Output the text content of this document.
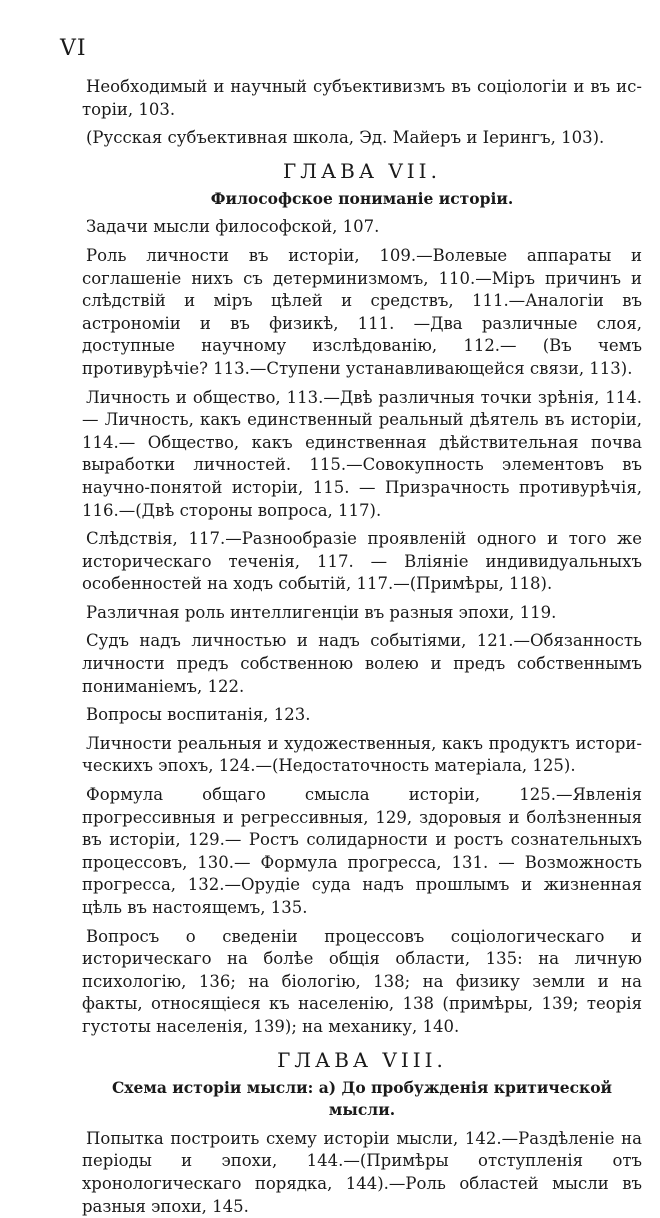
VI
Необходимый и научный субъективизмъ въ соціологіи и въ исторіи, 103.
(Русская субъективная школа, Эд. Майеръ и Іерингъ, 103).
ГЛАВА VII.
Философское пониманіе исторіи.
Задачи мысли философской, 107.
Роль личности въ исторіи, 109.—Волевые аппараты и соглашеніе нихъ съ детерминизмомъ, 110.—Міръ причинъ и слѣдствій и міръ цѣлей и средствъ, 111.—Аналогіи въ астрономіи и въ физикѣ, 111. —Два различные слоя, доступные научному изслѣдованію, 112.— (Въ чемъ противурѣчіе? 113.—Ступени устанавливающейся связи, 113).
Личность и общество, 113.—Двѣ различныя точки зрѣнія, 114.— Личность, какъ единственный реальный дѣятель въ исторіи, 114.— Общество, какъ единственная дѣйствительная почва выработки личностей. 115.—Совокупность элементовъ въ научно-понятой исторіи, 115. — Призрачность противурѣчія, 116.—(Двѣ стороны вопроса, 117).
Слѣдствія, 117.—Разнообразіе проявленій одного и того же историческаго теченія, 117. — Вліяніе индивидуальныхъ особенностей на ходъ событій, 117.—(Примѣры, 118).
Различная роль интеллигенціи въ разныя эпохи, 119.
Судъ надъ личностью и надъ событіями, 121.—Обязанность личности предъ собственною волею и предъ собственнымъ пониманіемъ, 122.
Вопросы воспитанія, 123.
Личности реальныя и художественныя, какъ продуктъ историческихъ эпохъ, 124.—(Недостаточность матеріала, 125).
Формула общаго смысла исторіи, 125.—Явленія прогрессивныя и регрессивныя, 129, здоровыя и болѣзненныя въ исторіи, 129.— Ростъ солидарности и ростъ сознательныхъ процессовъ, 130.— Формула прогресса, 131. — Возможность прогресса, 132.—Орудіе суда надъ прошлымъ и жизненная цѣль въ настоящемъ, 135.
Вопросъ о сведеніи процессовъ соціологическаго и историческаго на болѣе общія области, 135: на личную психологію, 136; на біологію, 138; на физику земли и на факты, относящіеся къ населенію, 138 (примѣры, 139; теорія густоты населенія, 139); на механику, 140.
ГЛАВА VIII.
Схема исторіи мысли: а) До пробужденія критической мысли.
Попытка построить схему исторіи мысли, 142.—Раздѣленіе на періоды и эпохи, 144.—(Примѣры отступленія отъ хронологическаго порядка, 144).—Роль областей мысли въ разныя эпохи, 145.
